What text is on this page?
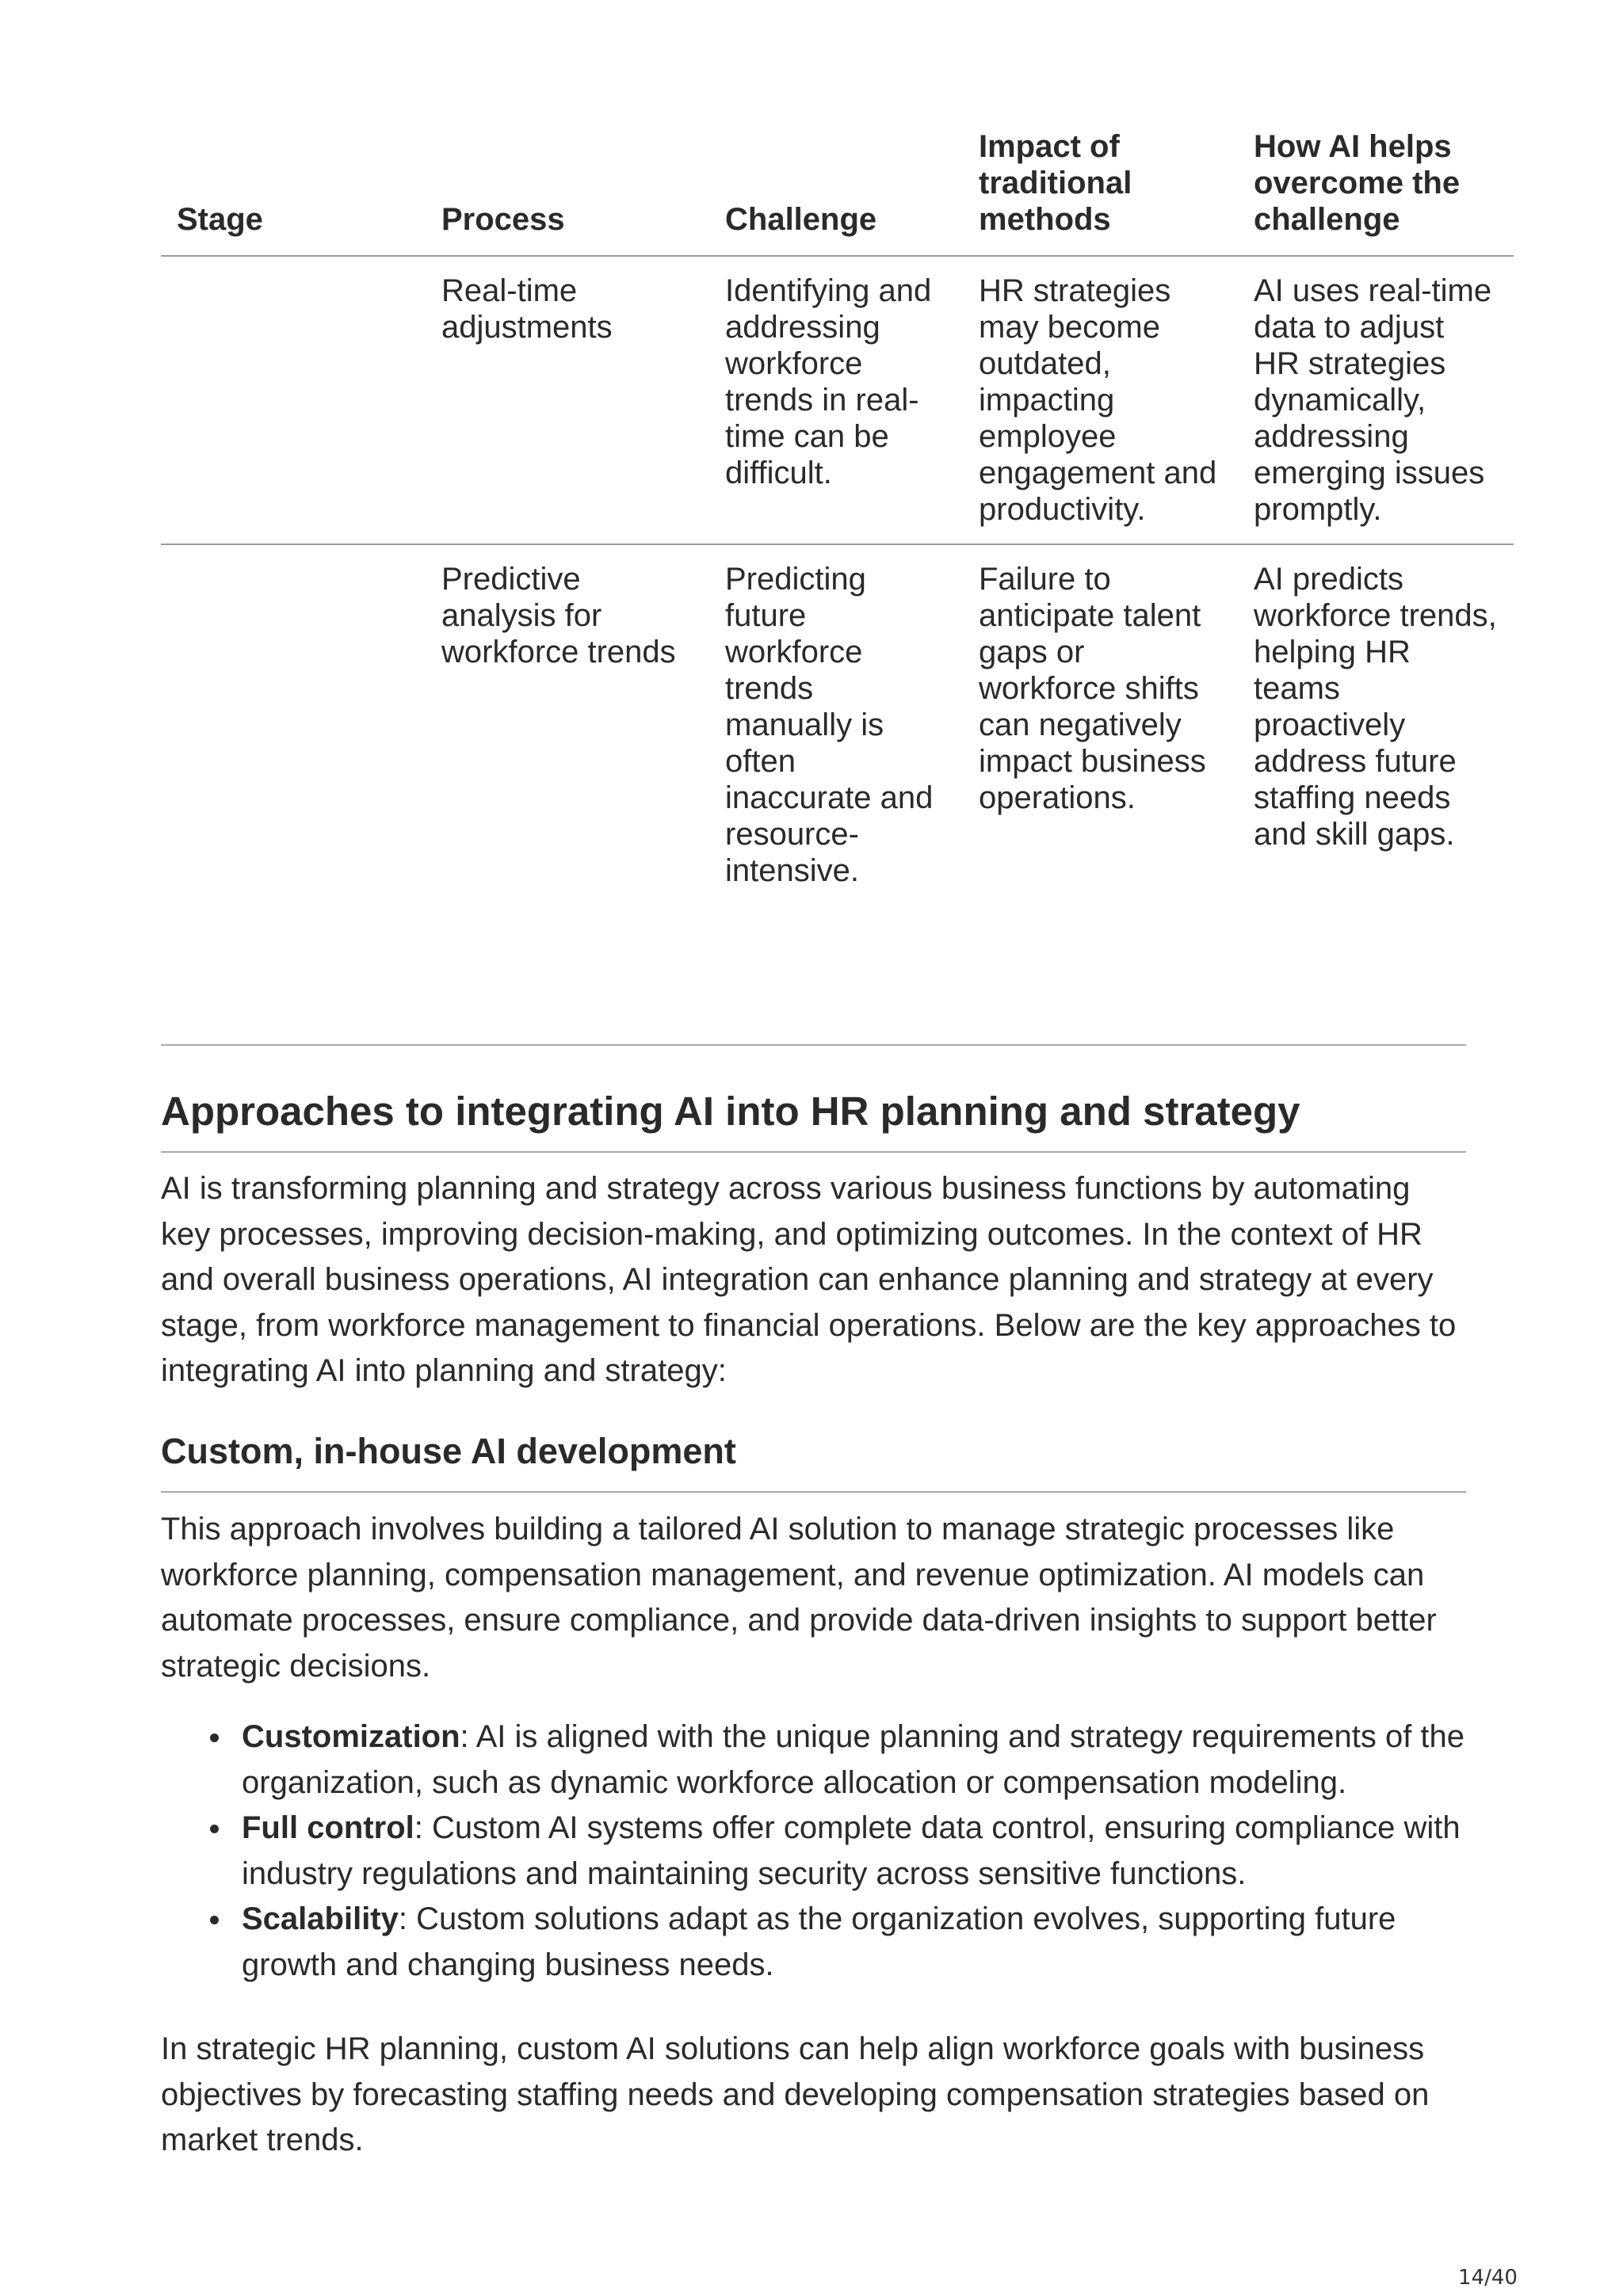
Stage	Process	Challenge	Impact of traditional methods	How AI helps overcome the challenge
	Real-time adjustments	Identifying and addressing workforce trends in real-time can be difficult.	HR strategies may become outdated, impacting employee engagement and productivity.	AI uses real-time data to adjust HR strategies dynamically, addressing emerging issues promptly.
	Predictive analysis for workforce trends	Predicting future workforce trends manually is often inaccurate and resource-intensive.	Failure to anticipate talent gaps or workforce shifts can negatively impact business operations.	AI predicts workforce trends, helping HR teams proactively address future staffing needs and skill gaps.
Approaches to integrating AI into HR planning and strategy

AI is transforming planning and strategy across various business functions by automating key processes, improving decision-making, and optimizing outcomes. In the context of HR and overall business operations, AI integration can enhance planning and strategy at every stage, from workforce management to financial operations. Below are the key approaches to integrating AI into planning and strategy:

Custom, in-house AI development

This approach involves building a tailored AI solution to manage strategic processes like workforce planning, compensation management, and revenue optimization. AI models can automate processes, ensure compliance, and provide data-driven insights to support better strategic decisions.

Customization: AI is aligned with the unique planning and strategy requirements of the organization, such as dynamic workforce allocation or compensation modeling.
Full control: Custom AI systems offer complete data control, ensuring compliance with industry regulations and maintaining security across sensitive functions.
Scalability: Custom solutions adapt as the organization evolves, supporting future growth and changing business needs.

In strategic HR planning, custom AI solutions can help align workforce goals with business objectives by forecasting staffing needs and developing compensation strategies based on market trends.

14/40
